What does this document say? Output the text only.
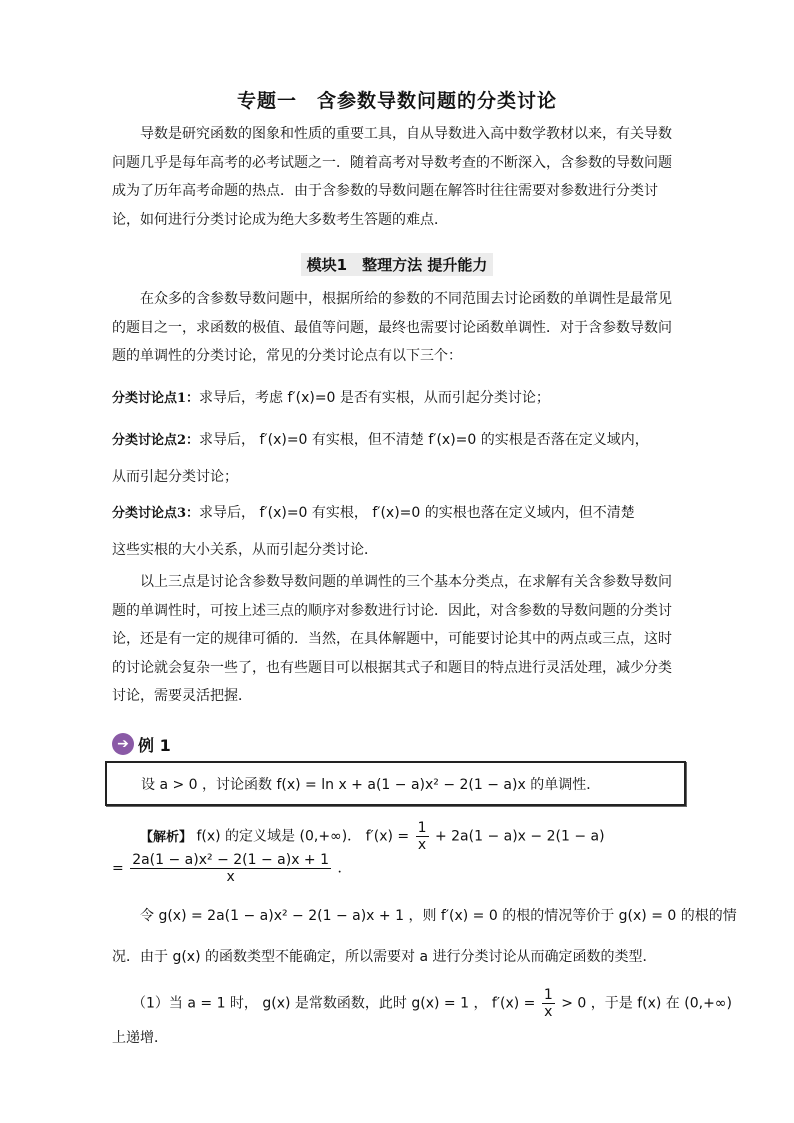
专题一　含参数导数问题的分类讨论

导数是研究函数的图象和性质的重要工具，自从导数进入高中数学教材以来，有关导数问题几乎是每年高考的必考试题之一．随着高考对导数考查的不断深入，含参数的导数问题成为了历年高考命题的热点．由于含参数的导数问题在解答时往往需要对参数进行分类讨论，如何进行分类讨论成为绝大多数考生答题的难点．

模块1　整理方法 提升能力

在众多的含参数导数问题中，根据所给的参数的不同范围去讨论函数的单调性是最常见的题目之一，求函数的极值、最值等问题，最终也需要讨论函数单调性．对于含参数导数问题的单调性的分类讨论，常见的分类讨论点有以下三个：

分类讨论点1：求导后，考虑 f′(x)=0 是否有实根，从而引起分类讨论；
分类讨论点2：求导后， f′(x)=0 有实根，但不清楚 f′(x)=0 的实根是否落在定义域内，
从而引起分类讨论；
分类讨论点3：求导后， f′(x)=0 有实根， f′(x)=0 的实根也落在定义域内，但不清楚
这些实根的大小关系，从而引起分类讨论．

以上三点是讨论含参数导数问题的单调性的三个基本分类点，在求解有关含参数导数问题的单调性时，可按上述三点的顺序对参数进行讨论．因此，对含参数的导数问题的分类讨论，还是有一定的规律可循的．当然，在具体解题中，可能要讨论其中的两点或三点，这时的讨论就会复杂一些了，也有些题目可以根据其式子和题目的特点进行灵活处理，减少分类讨论，需要灵活把握．

➔ 例 1
设 a > 0 ，讨论函数 f(x) = ln x + a(1 − a)x² − 2(1 − a)x 的单调性．
【解析】 f(x) 的定义域是 (0,+∞)． $f'(x) = \frac{1}{x} + 2a(1 - a)x - 2(1 - a)$
= $\frac{\text{2a(1 − a)x² − 2(1 − a)x + 1}}{x}$ ．
令 g(x) = 2a(1 − a)x² − 2(1 − a)x + 1 ，则 f′(x) = 0 的根的情况等价于 g(x) = 0 的根的情
况．由于 g(x) 的函数类型不能确定，所以需要对 a 进行分类讨论从而确定函数的类型．
（1）当 a = 1 时， g(x) 是常数函数，此时 g(x) = 1 ， $f'(x) = \frac{1}{x} > 0$ ，于是 f(x) 在 (0,+∞)
上递增．
